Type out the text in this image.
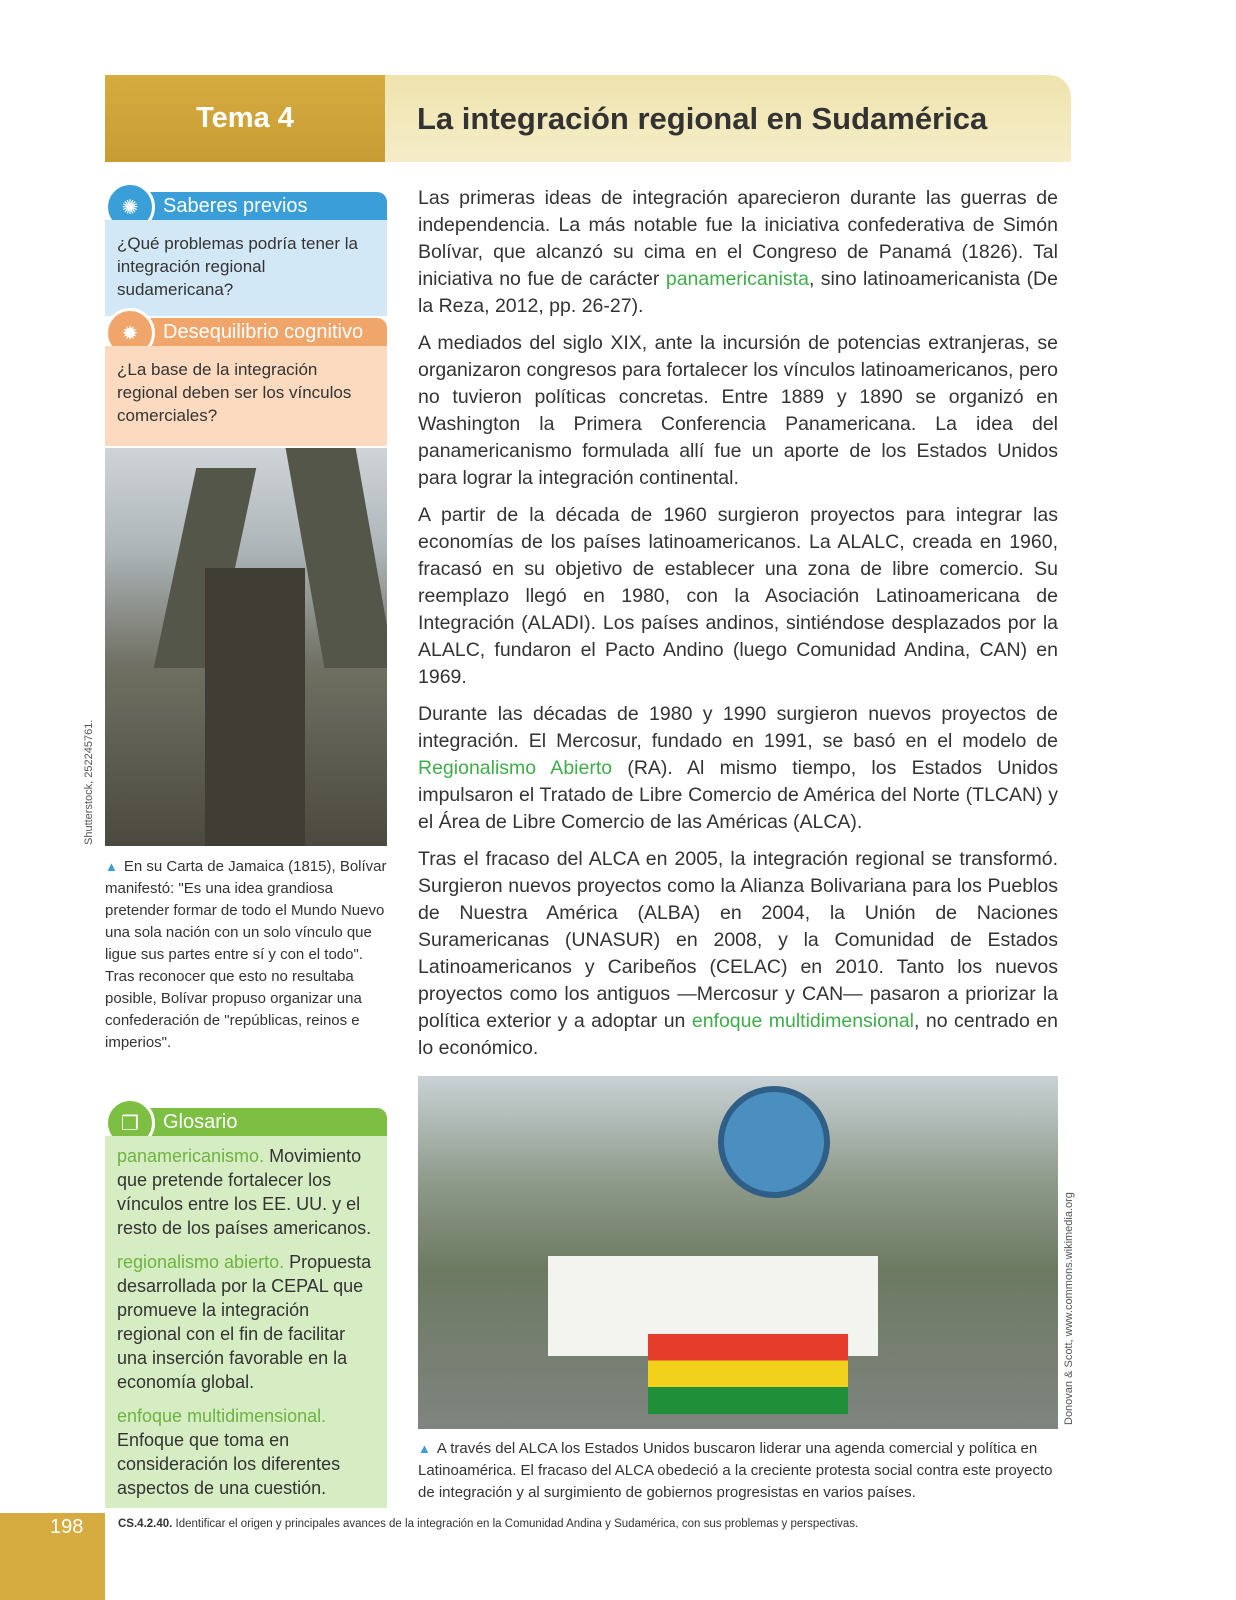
Tema 4	La integración regional en Sudamérica
Saberes previos
✺
¿Qué problemas podría tener la integración regional sudamericana?
Desequilibrio cognitivo
✹
¿La base de la integración regional deben ser los vínculos comerciales?
Shutterstock, 252245761.
▲ En su Carta de Jamaica (1815), Bolívar manifestó: "Es una idea grandiosa pretender formar de todo el Mundo Nuevo una sola nación con un solo vínculo que ligue sus partes entre sí y con el todo". Tras reconocer que esto no resultaba posible, Bolívar propuso organizar una confederación de "repúblicas, reinos e imperios".
Glosario
❐

panamericanismo. Movimiento que pretende fortalecer los vínculos entre los EE. UU. y el resto de los países americanos.

regionalismo abierto. Propuesta desarrollada por la CEPAL que promueve la integración regional con el fin de facilitar una inserción favorable en la economía global.

enfoque multidimensional. Enfoque que toma en consideración los diferentes aspectos de una cuestión.

Las primeras ideas de integración aparecieron durante las guerras de independencia. La más notable fue la iniciativa confederativa de Simón Bolívar, que alcanzó su cima en el Congreso de Panamá (1826). Tal iniciativa no fue de carácter panamericanista, sino latinoamericanista (De la Reza, 2012, pp. 26-27).

A mediados del siglo XIX, ante la incursión de potencias extranjeras, se organizaron congresos para fortalecer los vínculos latinoamericanos, pero no tuvieron políticas concretas. Entre 1889 y 1890 se organizó en Washington la Primera Conferencia Panamericana. La idea del panamericanismo formulada allí fue un aporte de los Estados Unidos para lograr la integración continental.

A partir de la década de 1960 surgieron proyectos para integrar las economías de los países latinoamericanos. La ALALC, creada en 1960, fracasó en su objetivo de establecer una zona de libre comercio. Su reemplazo llegó en 1980, con la Asociación Latinoamericana de Integración (ALADI). Los países andinos, sintiéndose desplazados por la ALALC, fundaron el Pacto Andino (luego Comunidad Andina, CAN) en 1969.

Durante las décadas de 1980 y 1990 surgieron nuevos proyectos de integración. El Mercosur, fundado en 1991, se basó en el modelo de Regionalismo Abierto (RA). Al mismo tiempo, los Estados Unidos impulsaron el Tratado de Libre Comercio de América del Norte (TLCAN) y el Área de Libre Comercio de las Américas (ALCA).

Tras el fracaso del ALCA en 2005, la integración regional se transformó. Surgieron nuevos proyectos como la Alianza Bolivariana para los Pueblos de Nuestra América (ALBA) en 2004, la Unión de Naciones Suramericanas (UNASUR) en 2008, y la Comunidad de Estados Latinoamericanos y Caribeños (CELAC) en 2010. Tanto los nuevos proyectos como los antiguos —Mercosur y CAN— pasaron a priorizar la política exterior y a adoptar un enfoque multidimensional, no centrado en lo económico.

Donovan & Scott, www.commons.wikimedia.org
▲ A través del ALCA los Estados Unidos buscaron liderar una agenda comercial y política en Latinoamérica. El fracaso del ALCA obedeció a la creciente protesta social contra este proyecto de integración y al surgimiento de gobiernos progresistas en varios países.
198	CS.4.2.40. Identificar el origen y principales avances de la integración en la Comunidad Andina y Sudamérica, con sus problemas y perspectivas.
